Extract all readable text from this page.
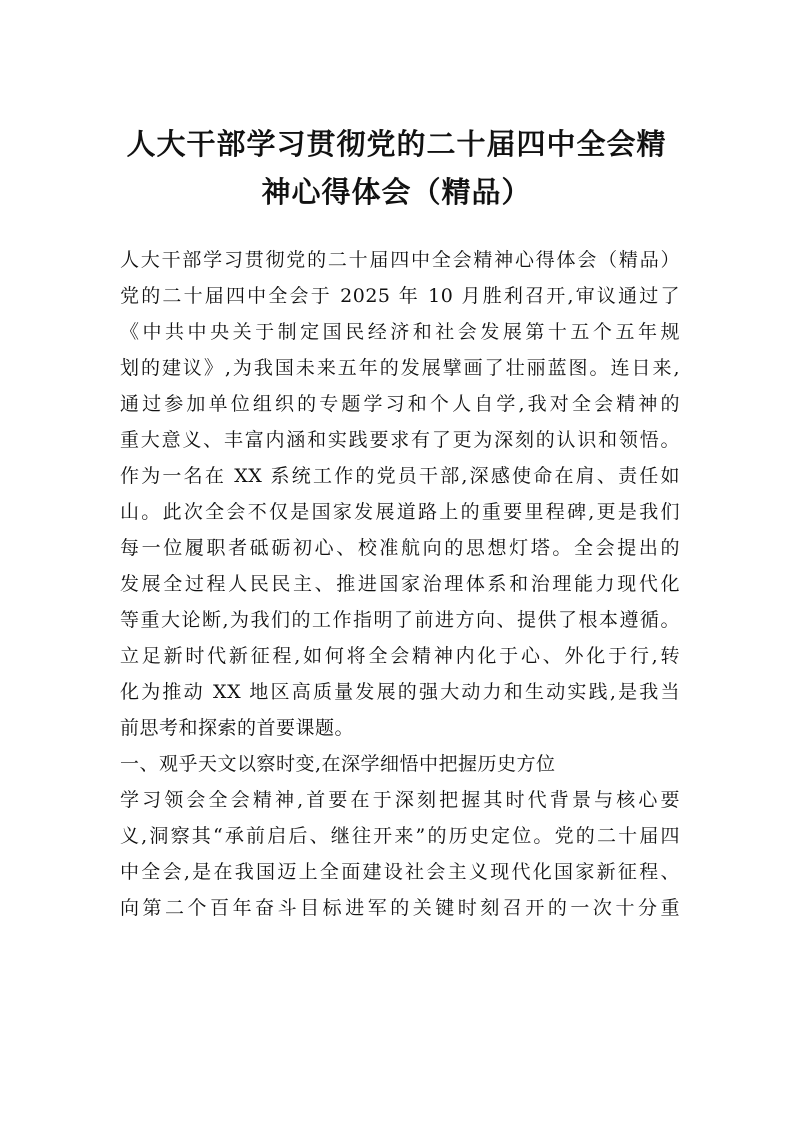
人大干部学习贯彻党的二十届四中全会精
神心得体会（精品）
人大干部学习贯彻党的二十届四中全会精神心得体会（精品）
党的二十届四中全会于 2025 年 10 月胜利召开,审议通过了
《中共中央关于制定国民经济和社会发展第十五个五年规
划的建议》,为我国未来五年的发展擘画了壮丽蓝图。连日来,
通过参加单位组织的专题学习和个人自学,我对全会精神的
重大意义、丰富内涵和实践要求有了更为深刻的认识和领悟。
作为一名在 XX 系统工作的党员干部,深感使命在肩、责任如
山。此次全会不仅是国家发展道路上的重要里程碑,更是我们
每一位履职者砥砺初心、校准航向的思想灯塔。全会提出的
发展全过程人民民主、推进国家治理体系和治理能力现代化
等重大论断,为我们的工作指明了前进方向、提供了根本遵循。
立足新时代新征程,如何将全会精神内化于心、外化于行,转
化为推动 XX 地区高质量发展的强大动力和生动实践,是我当
前思考和探索的首要课题。
一、观乎天文以察时变,在深学细悟中把握历史方位
学习领会全会精神,首要在于深刻把握其时代背景与核心要
义,洞察其“承前启后、继往开来”的历史定位。党的二十届四
中全会,是在我国迈上全面建设社会主义现代化国家新征程、
向第二个百年奋斗目标进军的关键时刻召开的一次十分重
